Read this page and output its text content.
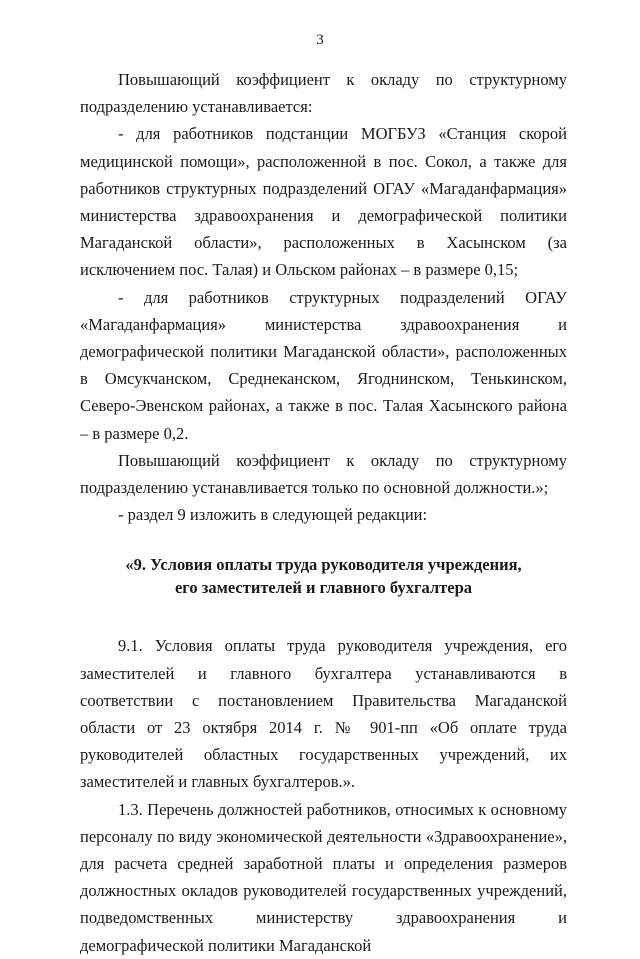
3

Повышающий коэффициент к окладу по структурному подразделению устанавливается:

- для работников подстанции МОГБУЗ «Станция скорой медицинской помощи», расположенной в пос. Сокол, а также для работников структурных подразделений ОГАУ «Магаданфармация» министерства здравоохранения и демографической политики Магаданской области», расположенных в Хасынском (за исключением пос. Талая) и Ольском районах – в размере 0,15;

- для работников структурных подразделений ОГАУ «Магаданфармация» министерства здравоохранения и демографической политики Магаданской области», расположенных в Омсукчанском, Среднеканском, Ягоднинском, Тенькинском, Северо-Эвенском районах, а также в пос. Талая Хасынского района – в размере 0,2.

Повышающий коэффициент к окладу по структурному подразделению устанавливается только по основной должности.»;

- раздел 9 изложить в следующей редакции:

«9. Условия оплаты труда руководителя учреждения,
его заместителей и главного бухгалтера

9.1. Условия оплаты труда руководителя учреждения, его заместителей и главного бухгалтера устанавливаются в соответствии с постановлением Правительства Магаданской области от 23 октября 2014 г. № 901-пп «Об оплате труда руководителей областных государственных учреждений, их заместителей и главных бухгалтеров.».

1.3. Перечень должностей работников, относимых к основному персоналу по виду экономической деятельности «Здравоохранение», для расчета средней заработной платы и определения размеров должностных окладов руководителей государственных учреждений, подведомственных министерству здравоохранения и демографической политики Магаданской
